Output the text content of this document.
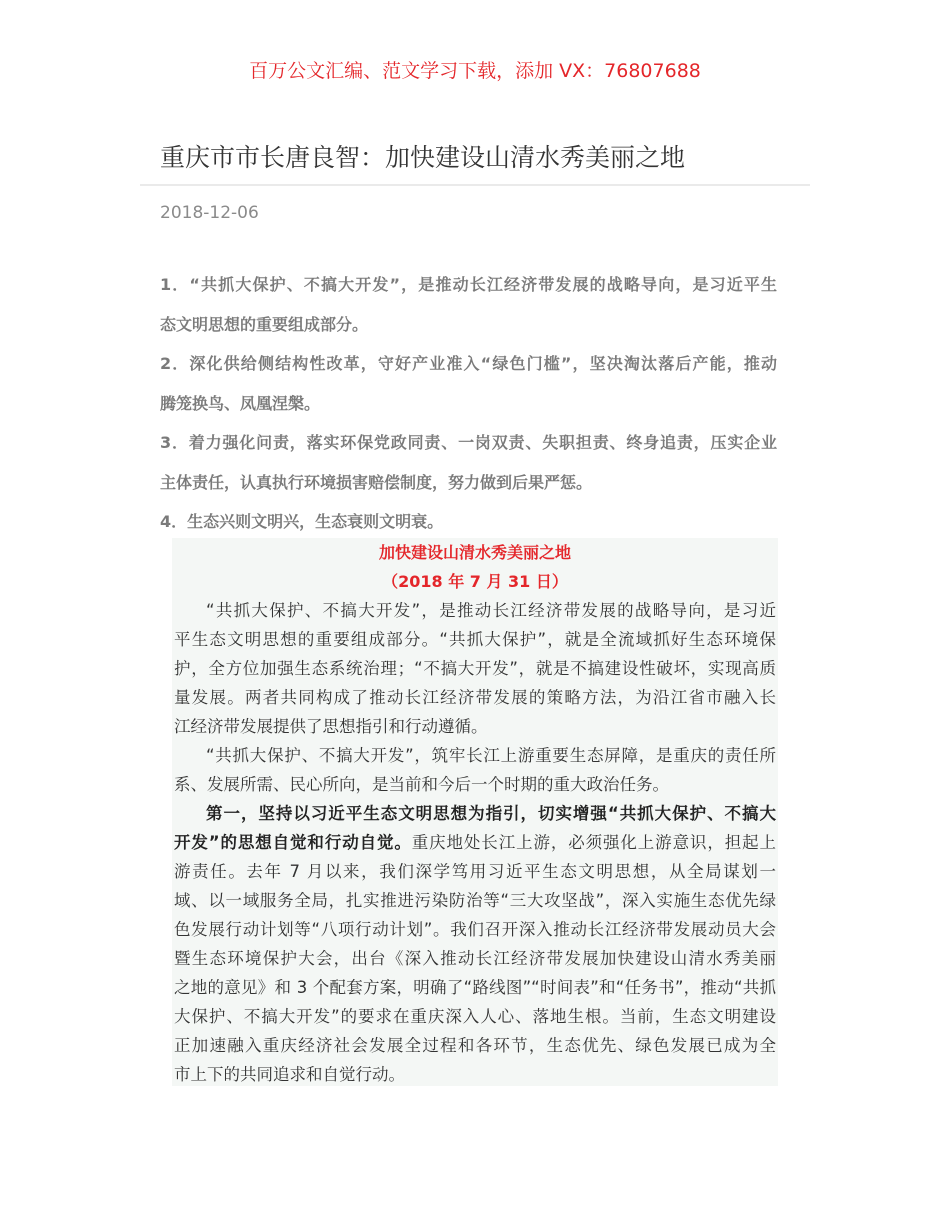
百万公文汇编、范文学习下载，添加 VX：76807688
重庆市市长唐良智：加快建设山清水秀美丽之地
2018-12-06
1．“共抓大保护、不搞大开发”，是推动长江经济带发展的战略导向，是习近平生
态文明思想的重要组成部分。
2．深化供给侧结构性改革，守好产业准入“绿色门槛”，坚决淘汰落后产能，推动
腾笼换鸟、凤凰涅槃。
3．着力强化问责，落实环保党政同责、一岗双责、失职担责、终身追责，压实企业
主体责任，认真执行环境损害赔偿制度，努力做到后果严惩。
4．生态兴则文明兴，生态衰则文明衰。
加快建设山清水秀美丽之地
（2018 年 7 月 31 日）
“共抓大保护、不搞大开发”，是推动长江经济带发展的战略导向，是习近
平生态文明思想的重要组成部分。“共抓大保护”，就是全流域抓好生态环境保
护，全方位加强生态系统治理；“不搞大开发”，就是不搞建设性破坏，实现高质
量发展。两者共同构成了推动长江经济带发展的策略方法，为沿江省市融入长
江经济带发展提供了思想指引和行动遵循。
“共抓大保护、不搞大开发”，筑牢长江上游重要生态屏障，是重庆的责任所
系、发展所需、民心所向，是当前和今后一个时期的重大政治任务。
第一，坚持以习近平生态文明思想为指引，切实增强“共抓大保护、不搞大
开发”的思想自觉和行动自觉。重庆地处长江上游，必须强化上游意识，担起上
游责任。去年 7 月以来，我们深学笃用习近平生态文明思想，从全局谋划一
域、以一域服务全局，扎实推进污染防治等“三大攻坚战”，深入实施生态优先绿
色发展行动计划等“八项行动计划”。我们召开深入推动长江经济带发展动员大会
暨生态环境保护大会，出台《深入推动长江经济带发展加快建设山清水秀美丽
之地的意见》和 3 个配套方案，明确了“路线图”“时间表”和“任务书”，推动“共抓
大保护、不搞大开发”的要求在重庆深入人心、落地生根。当前，生态文明建设
正加速融入重庆经济社会发展全过程和各环节，生态优先、绿色发展已成为全
市上下的共同追求和自觉行动。
